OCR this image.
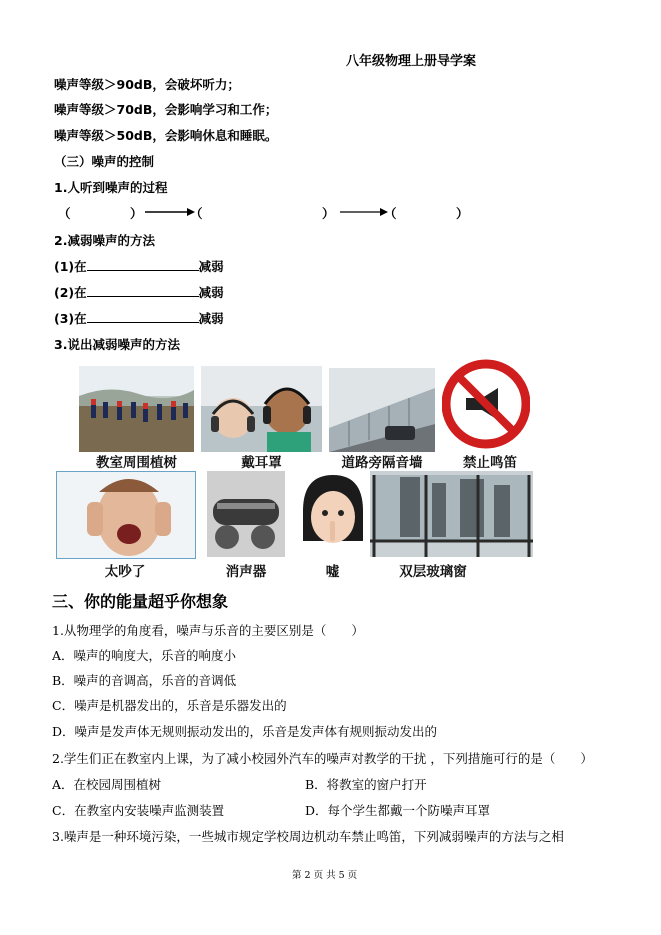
八年级物理上册导学案
噪声等级＞90dB，会破坏听力；
噪声等级＞70dB，会影响学习和工作；
噪声等级＞50dB，会影响休息和睡眠。
（三）噪声的控制
1.人听到噪声的过程
（	）	（	）	（	）
2.减弱噪声的方法
(1)在	减弱
(2)在	减弱
(3)在	减弱
3.说出减弱噪声的方法
教室周围植树	戴耳罩	道路旁隔音墙	禁止鸣笛
太吵了	消声器	嘘	双层玻璃窗
三、你的能量超乎你想象
1.从物理学的角度看，噪声与乐音的主要区别是（　　）
A．噪声的响度大，乐音的响度小
B．噪声的音调高，乐音的音调低
C．噪声是机器发出的，乐音是乐器发出的
D．噪声是发声体无规则振动发出的，乐音是发声体有规则振动发出的
2.学生们正在教室内上课，为了减小校园外汽车的噪声对教学的干扰 ，下列措施可行的是（　　）
A．在校园周围植树	B．将教室的窗户打开
C．在教室内安装噪声监测装置	D．每个学生都戴一个防噪声耳罩
3.噪声是一种环境污染，一些城市规定学校周边机动车禁止鸣笛，下列减弱噪声的方法与之相
第 2 页 共 5 页
